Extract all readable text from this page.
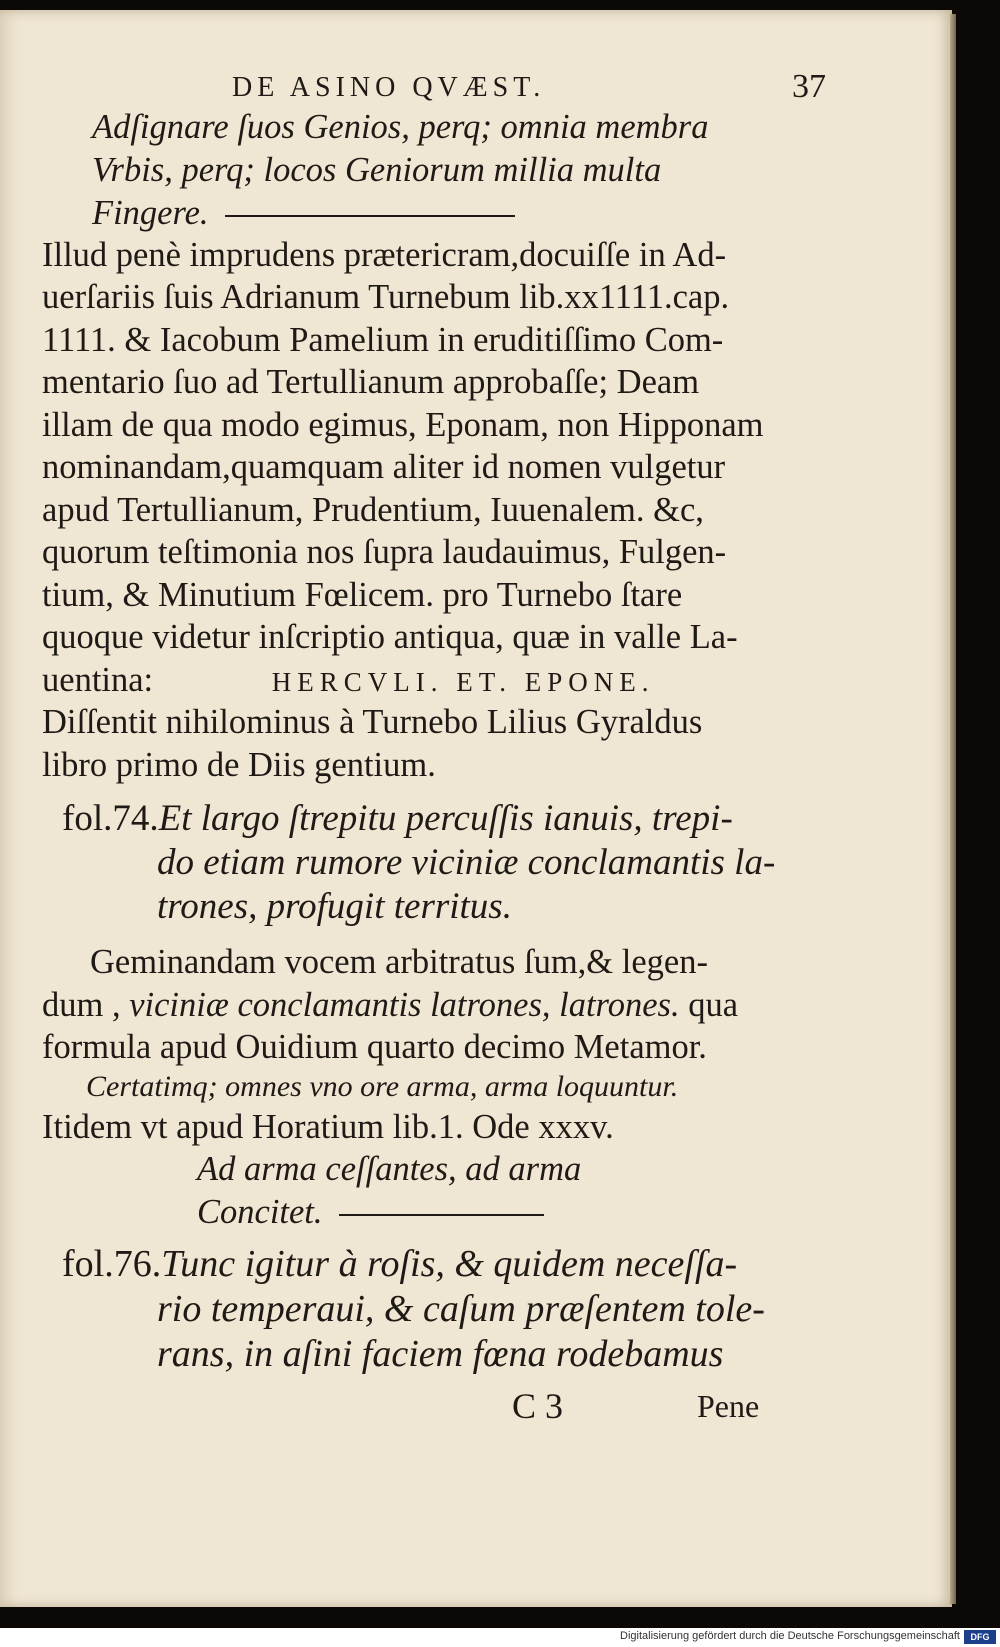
DE ASINO QVÆST.	37
Adſignare ſuos Genios, perq; omnia membra
Vrbis, perq; locos Geniorum millia multa
Fingere.
Illud penè imprudens prætericram,docuiſſe in Ad-
uerſariis ſuis Adrianum Turnebum lib.xx1111.cap.
1111. & Iacobum Pamelium in eruditiſſimo Com-
mentario ſuo ad Tertullianum approbaſſe; Deam
illam de qua modo egimus, Eponam, non Hipponam
nominandam,quamquam aliter id nomen vulgetur
apud Tertullianum, Prudentium, Iuuenalem. &c,
quorum teſtimonia nos ſupra laudauimus, Fulgen-
tium, & Minutium Fœlicem. pro Turnebo ſtare
quoque videtur inſcriptio antiqua, quæ in valle La-
uentina:	HERCVLI. ET. EPONE.
Diſſentit nihilominus à Turnebo Lilius Gyraldus
libro primo de Diis gentium.
fol.74.Et largo ſtrepitu percuſſis ianuis, trepi-
do etiam rumore viciniæ conclamantis la-
trones, profugit territus.
Geminandam vocem arbitratus ſum,& legen-
dum , viciniæ conclamantis latrones, latrones. qua
formula apud Ouidium quarto decimo Metamor.
Certatimq; omnes vno ore arma, arma loquuntur.
Itidem vt apud Horatium lib.1. Ode xxxv.
Ad arma ceſſantes, ad arma
Concitet.
fol.76.Tunc igitur à roſis, & quidem neceſſa-
rio temperaui, & caſum præſentem tole-
rans, in aſini faciem fœna rodebamus
C 3	Pene
Digitalisierung gefördert durch die Deutsche Forschungsgemeinschaft	DFG
